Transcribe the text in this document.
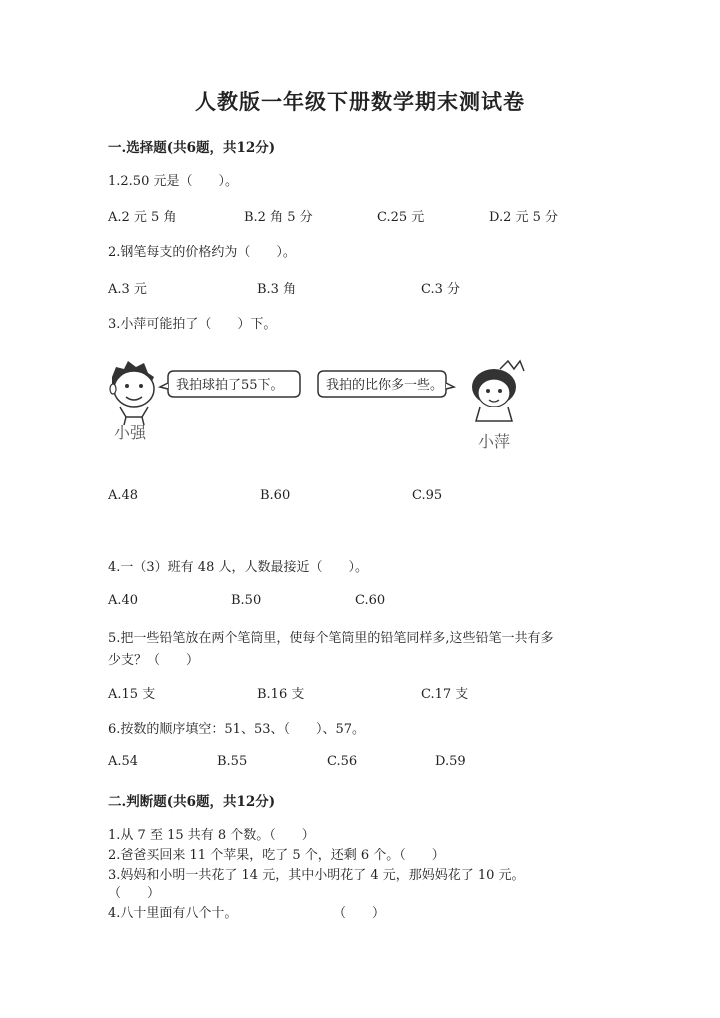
人教版一年级下册数学期末测试卷
一.选择题(共6题，共12分)
1.2.50 元是（　　）。
A.2 元 5 角	B.2 角 5 分	C.25 元	D.2 元 5 分
2.钢笔每支的价格约为（　　）。
A.3 元	B.3 角	C.3 分
3.小萍可能拍了（　　）下。
小强
我拍球拍了55下。	我拍的比你多一些。
小萍
A.48	B.60	C.95
4.一（3）班有 48 人，人数最接近（　　）。
A.40	B.50	C.60
5.把一些铅笔放在两个笔筒里，使每个笔筒里的铅笔同样多,这些铅笔一共有多
少支？（　　）
A.15 支	B.16 支	C.17 支
6.按数的顺序填空：51、53、（　　）、57。
A.54	B.55	C.56	D.59
二.判断题(共6题，共12分)
1.从 7 至 15 共有 8 个数。（　　）
2.爸爸买回来 11 个苹果，吃了 5 个，还剩 6 个。（　　）
3.妈妈和小明一共花了 14 元，其中小明花了 4 元，那妈妈花了 10 元。
（　　）
4.八十里面有八个十。	（　　）
